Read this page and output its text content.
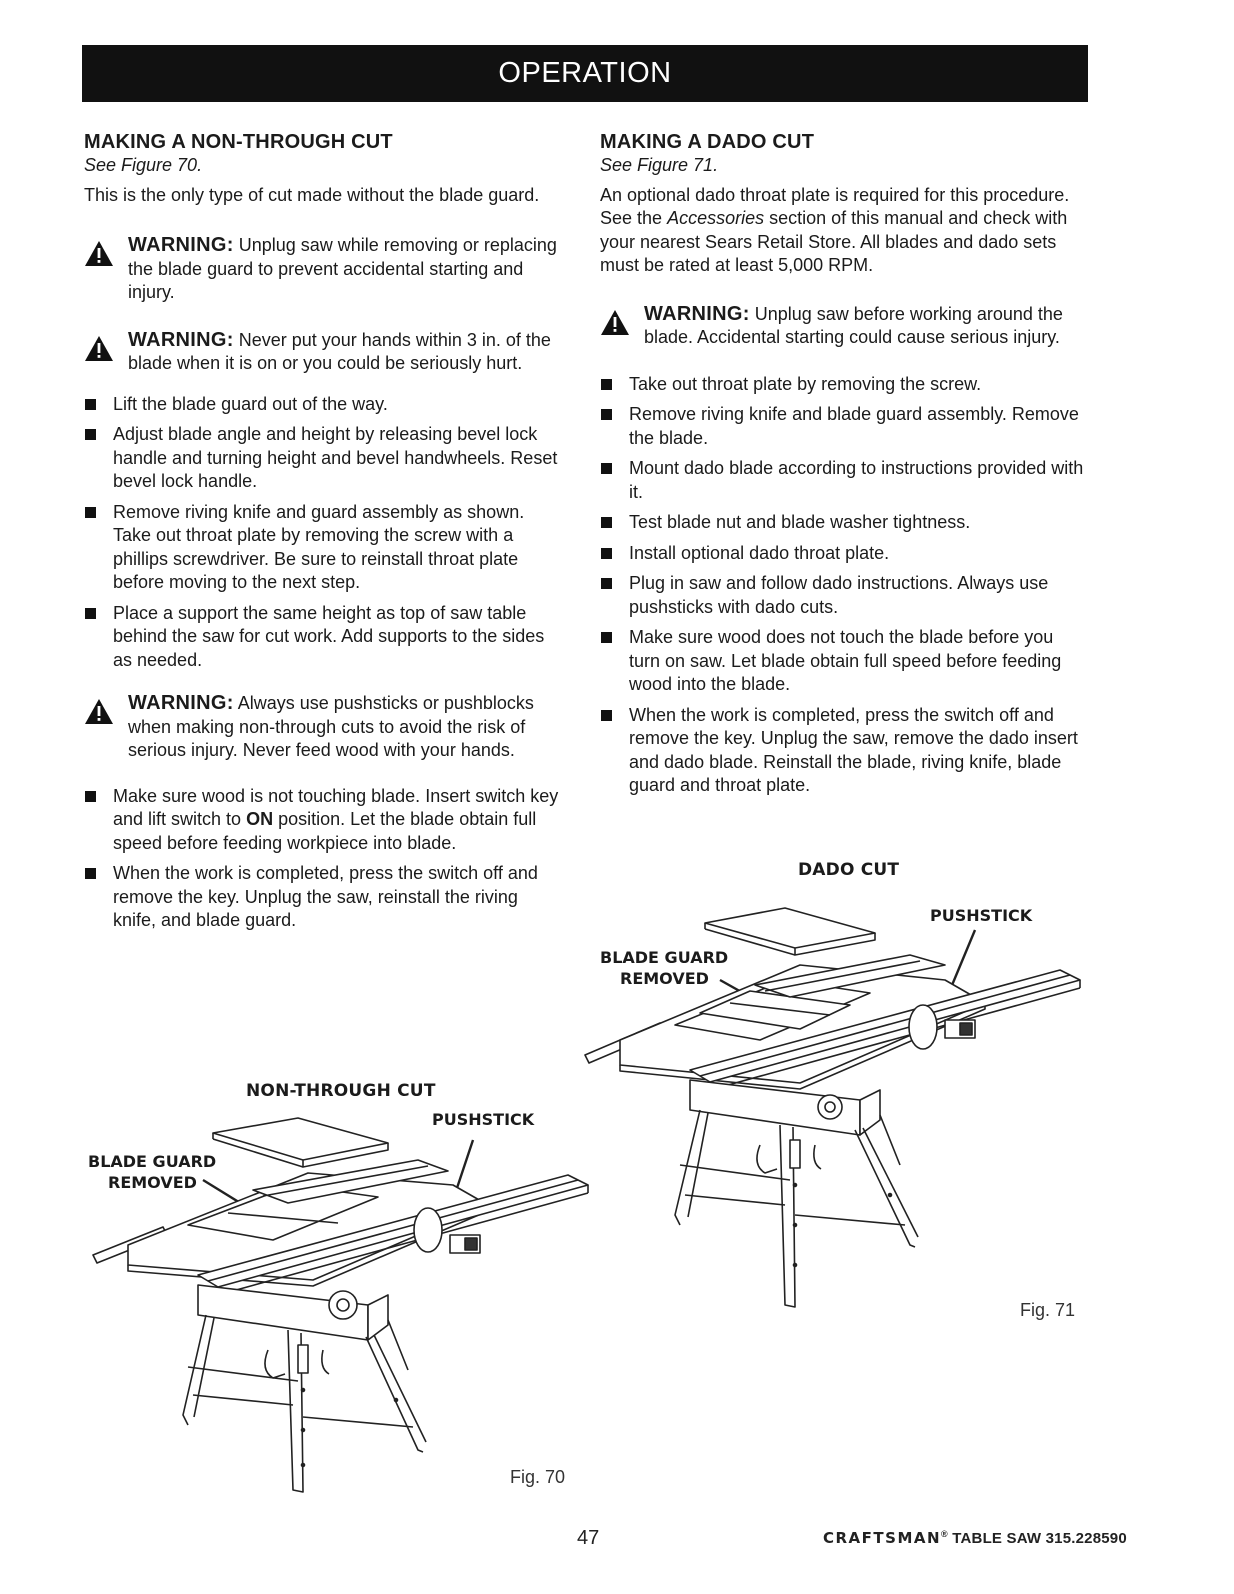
OPERATION
MAKING A NON-THROUGH CUT

See Figure 70.

This is the only type of cut made without the blade guard.

WARNING: Unplug saw while removing or replacing the blade guard to prevent accidental starting and injury.
WARNING: Never put your hands within 3 in. of the blade when it is on or you could be seriously hurt.
Lift the blade guard out of the way.
Adjust blade angle and height by releasing bevel lock handle and turning height and bevel handwheels. Reset bevel lock handle.
Remove riving knife and guard assembly as shown. Take out throat plate by removing the screw with a phillips screwdriver. Be sure to reinstall throat plate before moving to the next step.
Place a support the same height as top of saw table behind the saw for cut work. Add supports to the sides as needed.
WARNING: Always use pushsticks or pushblocks when making non-through cuts to avoid the risk of serious injury. Never feed wood with your hands.
Make sure wood is not touching blade. Insert switch key and lift switch to ON position. Let the blade obtain full speed before feeding workpiece into blade.
When the work is completed, press the switch off and remove the key. Unplug the saw, reinstall the riving knife, and blade guard.
MAKING A DADO CUT

See Figure 71.

An optional dado throat plate is required for this procedure. See the Accessories section of this manual and check with your nearest Sears Retail Store. All blades and dado sets must be rated at least 5,000 RPM.

WARNING: Unplug saw before working around the blade. Accidental starting could cause serious injury.
Take out throat plate by removing the screw.
Remove riving knife and blade guard assembly. Remove the blade.
Mount dado blade according to instructions provided with it.
Test blade nut and blade washer tightness.
Install optional dado throat plate.
Plug in saw and follow dado instructions. Always use pushsticks with dado cuts.
Make sure wood does not touch the blade before you turn on saw. Let blade obtain full speed before feeding wood into the blade.
When the work is completed, press the switch off and remove the key. Unplug the saw, remove the dado insert and dado blade. Reinstall the blade, riving knife, blade guard and throat plate.
DADO CUT
PUSHSTICK
BLADE GUARD
REMOVED
Fig. 71
NON-THROUGH CUT
PUSHSTICK
BLADE GUARD
REMOVED
Fig. 70
47	CRAFTSMAN® TABLE SAW 315.228590
